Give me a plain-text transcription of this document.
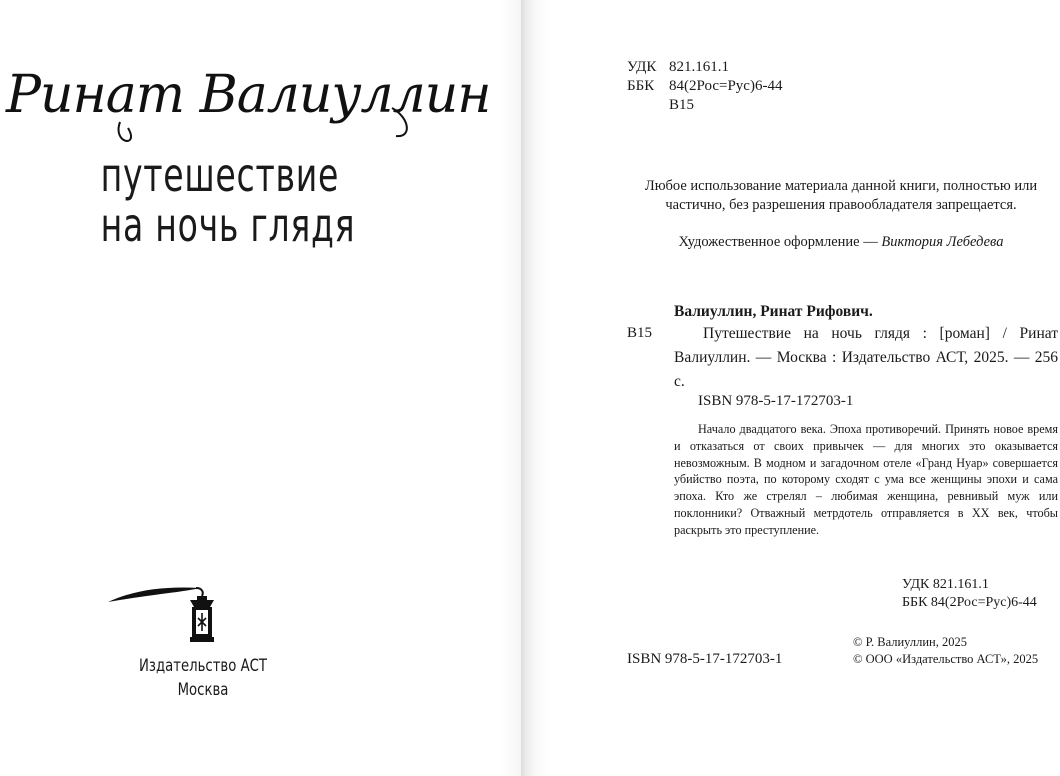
Ринат Валиуллин
путешествие
на ночь глядя
Издательство АСТ
Москва
УДК 821.161.1
ББК 84(2Рос=Рус)6-44
В15
Любое использование материала данной книги, полностью или частично, без разрешения правообладателя запрещается.
Художественное оформление — Виктория Лебедева
Валиуллин, Ринат Рифович.
В15	Путешествие на ночь глядя : [роман] / Ринат Валиуллин. — Москва : Издательство АСТ, 2025. — 256 с.
ISBN 978-5-17-172703-1
Начало двадцатого века. Эпоха противоречий. Принять новое время и отказаться от своих привычек — для многих это оказывается невозможным. В модном и загадочном отеле «Гранд Нуар» совершается убийство поэта, по которому сходят с ума все женщины эпохи и сама эпоха. Кто же стрелял – любимая женщина, ревнивый муж или поклонники? Отважный метрдотель отправляется в XX век, чтобы раскрыть это преступление.
УДК 821.161.1
ББК 84(2Рос=Рус)6-44
ISBN 978-5-17-172703-1
© Р. Валиуллин, 2025
© ООО «Издательство АСТ», 2025
